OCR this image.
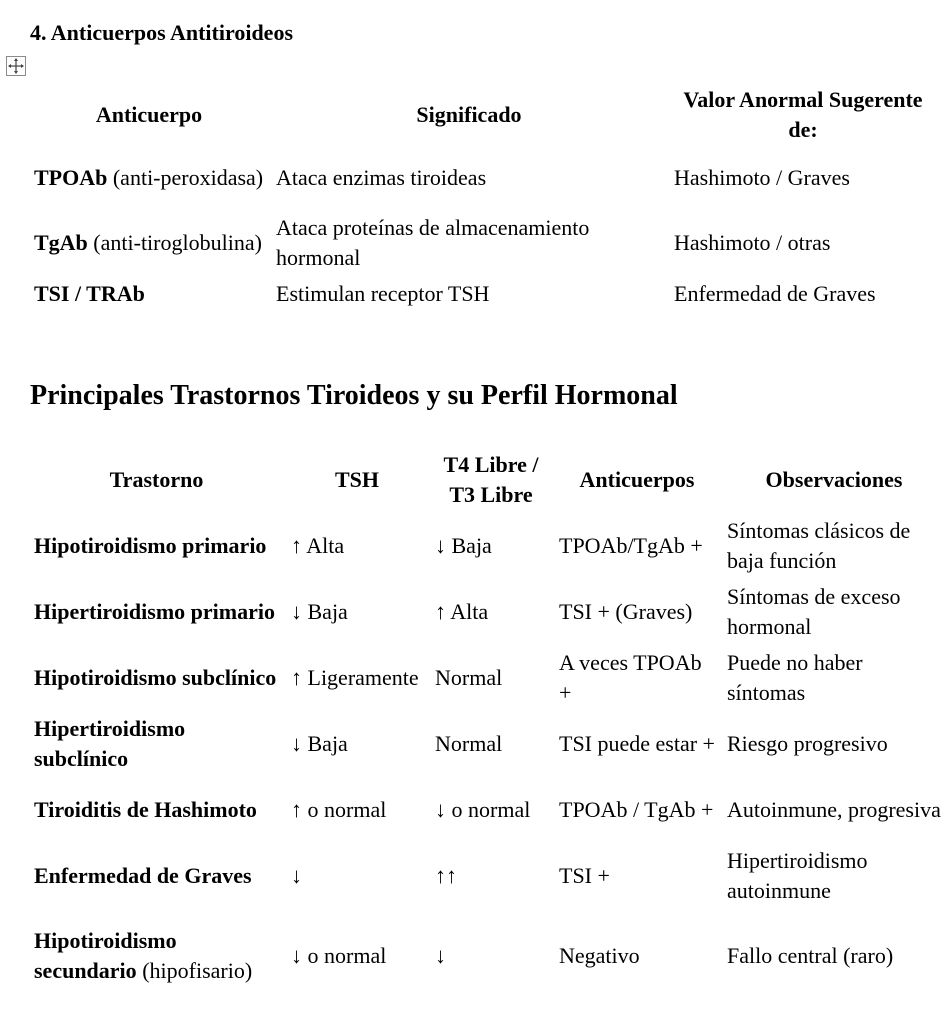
4. Anticuerpos Antitiroideos
Anticuerpo	Significado	Valor Anormal Sugerente de:
TPOAb (anti-peroxidasa)	Ataca enzimas tiroideas	Hashimoto / Graves
TgAb (anti-tiroglobulina)	Ataca proteínas de almacenamiento hormonal	Hashimoto / otras
TSI / TRAb	Estimulan receptor TSH	Enfermedad de Graves
Principales Trastornos Tiroideos y su Perfil Hormonal
Trastorno	TSH	T4 Libre / T3 Libre	Anticuerpos	Observaciones
Hipotiroidismo primario	↑ Alta	↓ Baja	TPOAb/TgAb +	Síntomas clásicos de baja función
Hipertiroidismo primario	↓ Baja	↑ Alta	TSI + (Graves)	Síntomas de exceso hormonal
Hipotiroidismo subclínico	↑ Ligeramente	Normal	A veces TPOAb +	Puede no haber síntomas
Hipertiroidismo subclínico	↓ Baja	Normal	TSI puede estar +	Riesgo progresivo
Tiroiditis de Hashimoto	↑ o normal	↓ o normal	TPOAb / TgAb +	Autoinmune, progresiva
Enfermedad de Graves	↓	↑↑	TSI +	Hipertiroidismo autoinmune
Hipotiroidismo secundario (hipofisario)	↓ o normal	↓	Negativo	Fallo central (raro)
